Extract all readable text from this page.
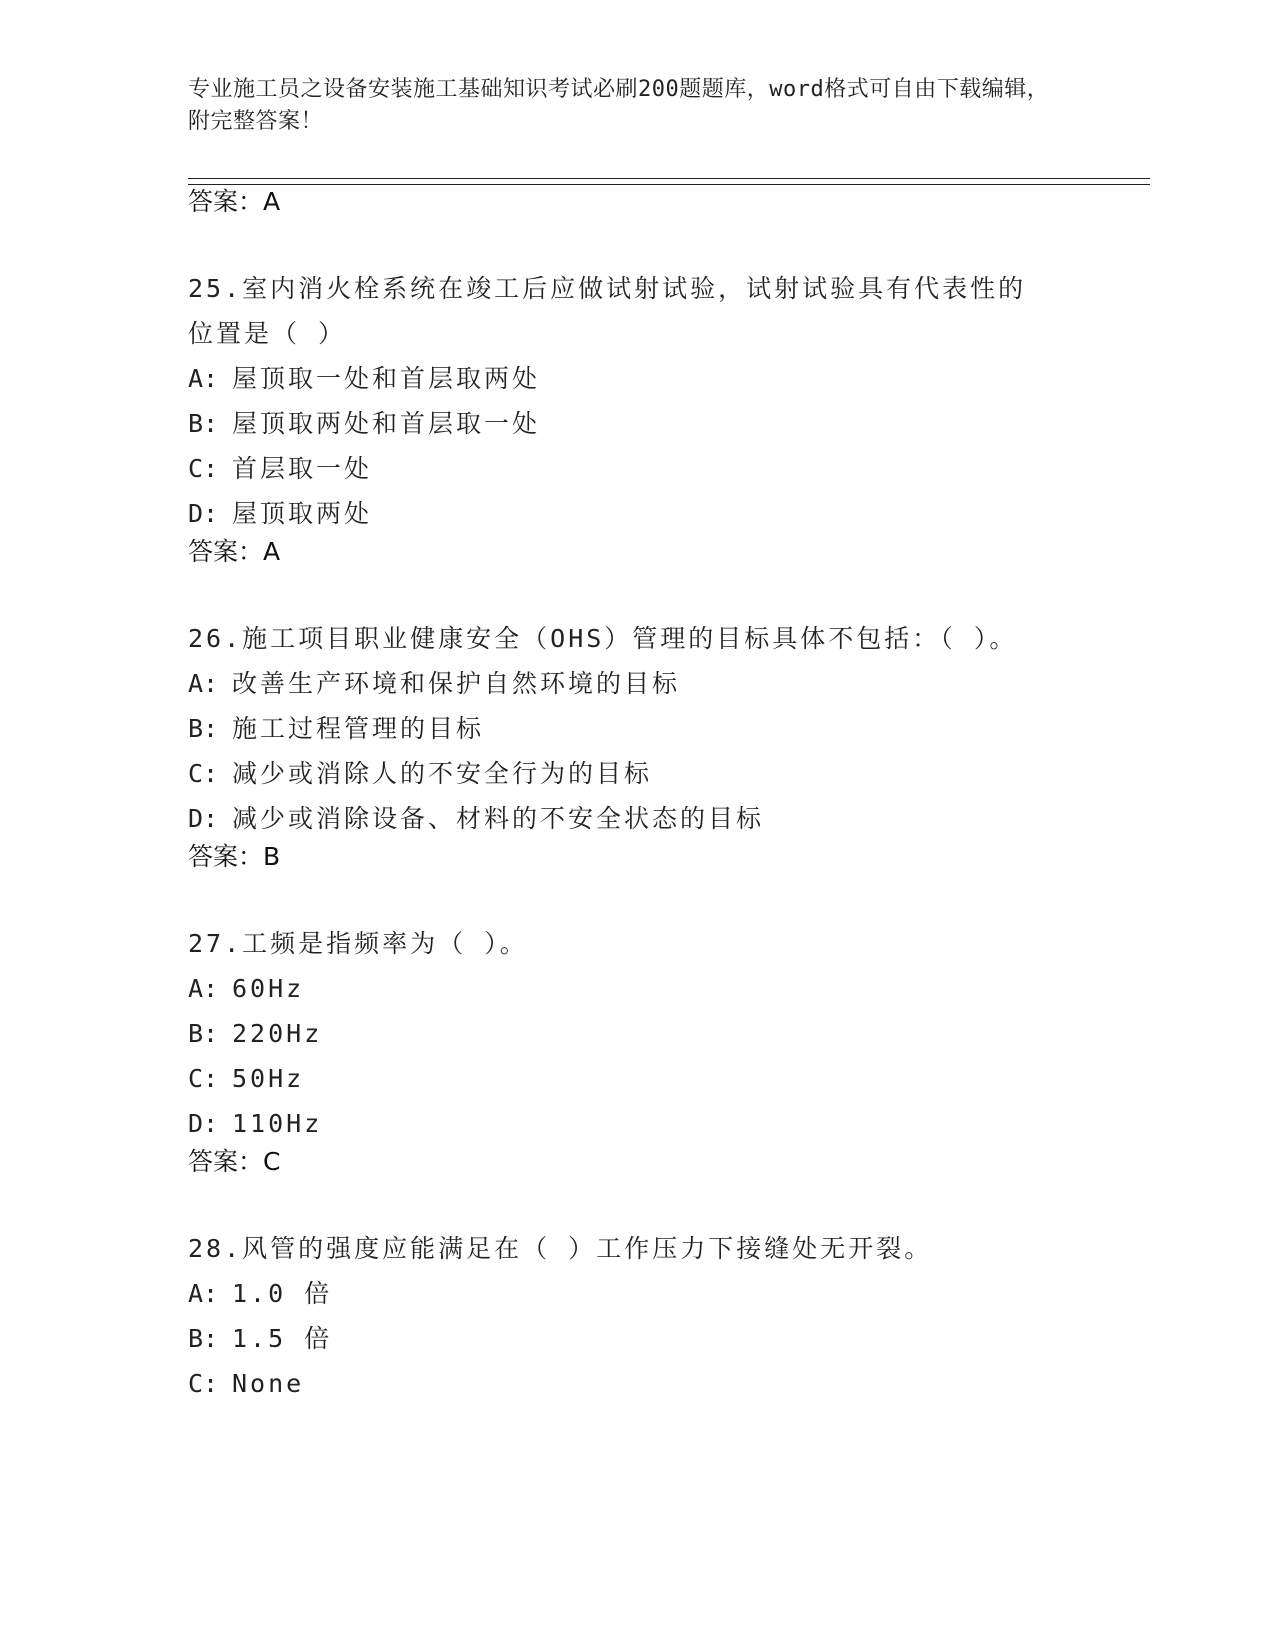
专业施工员之设备安装施工基础知识考试必刷200题题库，word格式可自由下载编辑，附完整答案！
答案：A
25.室内消火栓系统在竣工后应做试射试验，试射试验具有代表性的位置是（ ）
A: 屋顶取一处和首层取两处
B: 屋顶取两处和首层取一处
C: 首层取一处
D: 屋顶取两处
答案：A
26.施工项目职业健康安全（OHS）管理的目标具体不包括：（ ）。
A: 改善生产环境和保护自然环境的目标
B: 施工过程管理的目标
C: 减少或消除人的不安全行为的目标
D: 减少或消除设备、材料的不安全状态的目标
答案：B
27.工频是指频率为（ ）。
A: 60Hz
B: 220Hz
C: 50Hz
D: 110Hz
答案：C
28.风管的强度应能满足在（ ）工作压力下接缝处无开裂。
A: 1.0 倍
B: 1.5 倍
C: None
